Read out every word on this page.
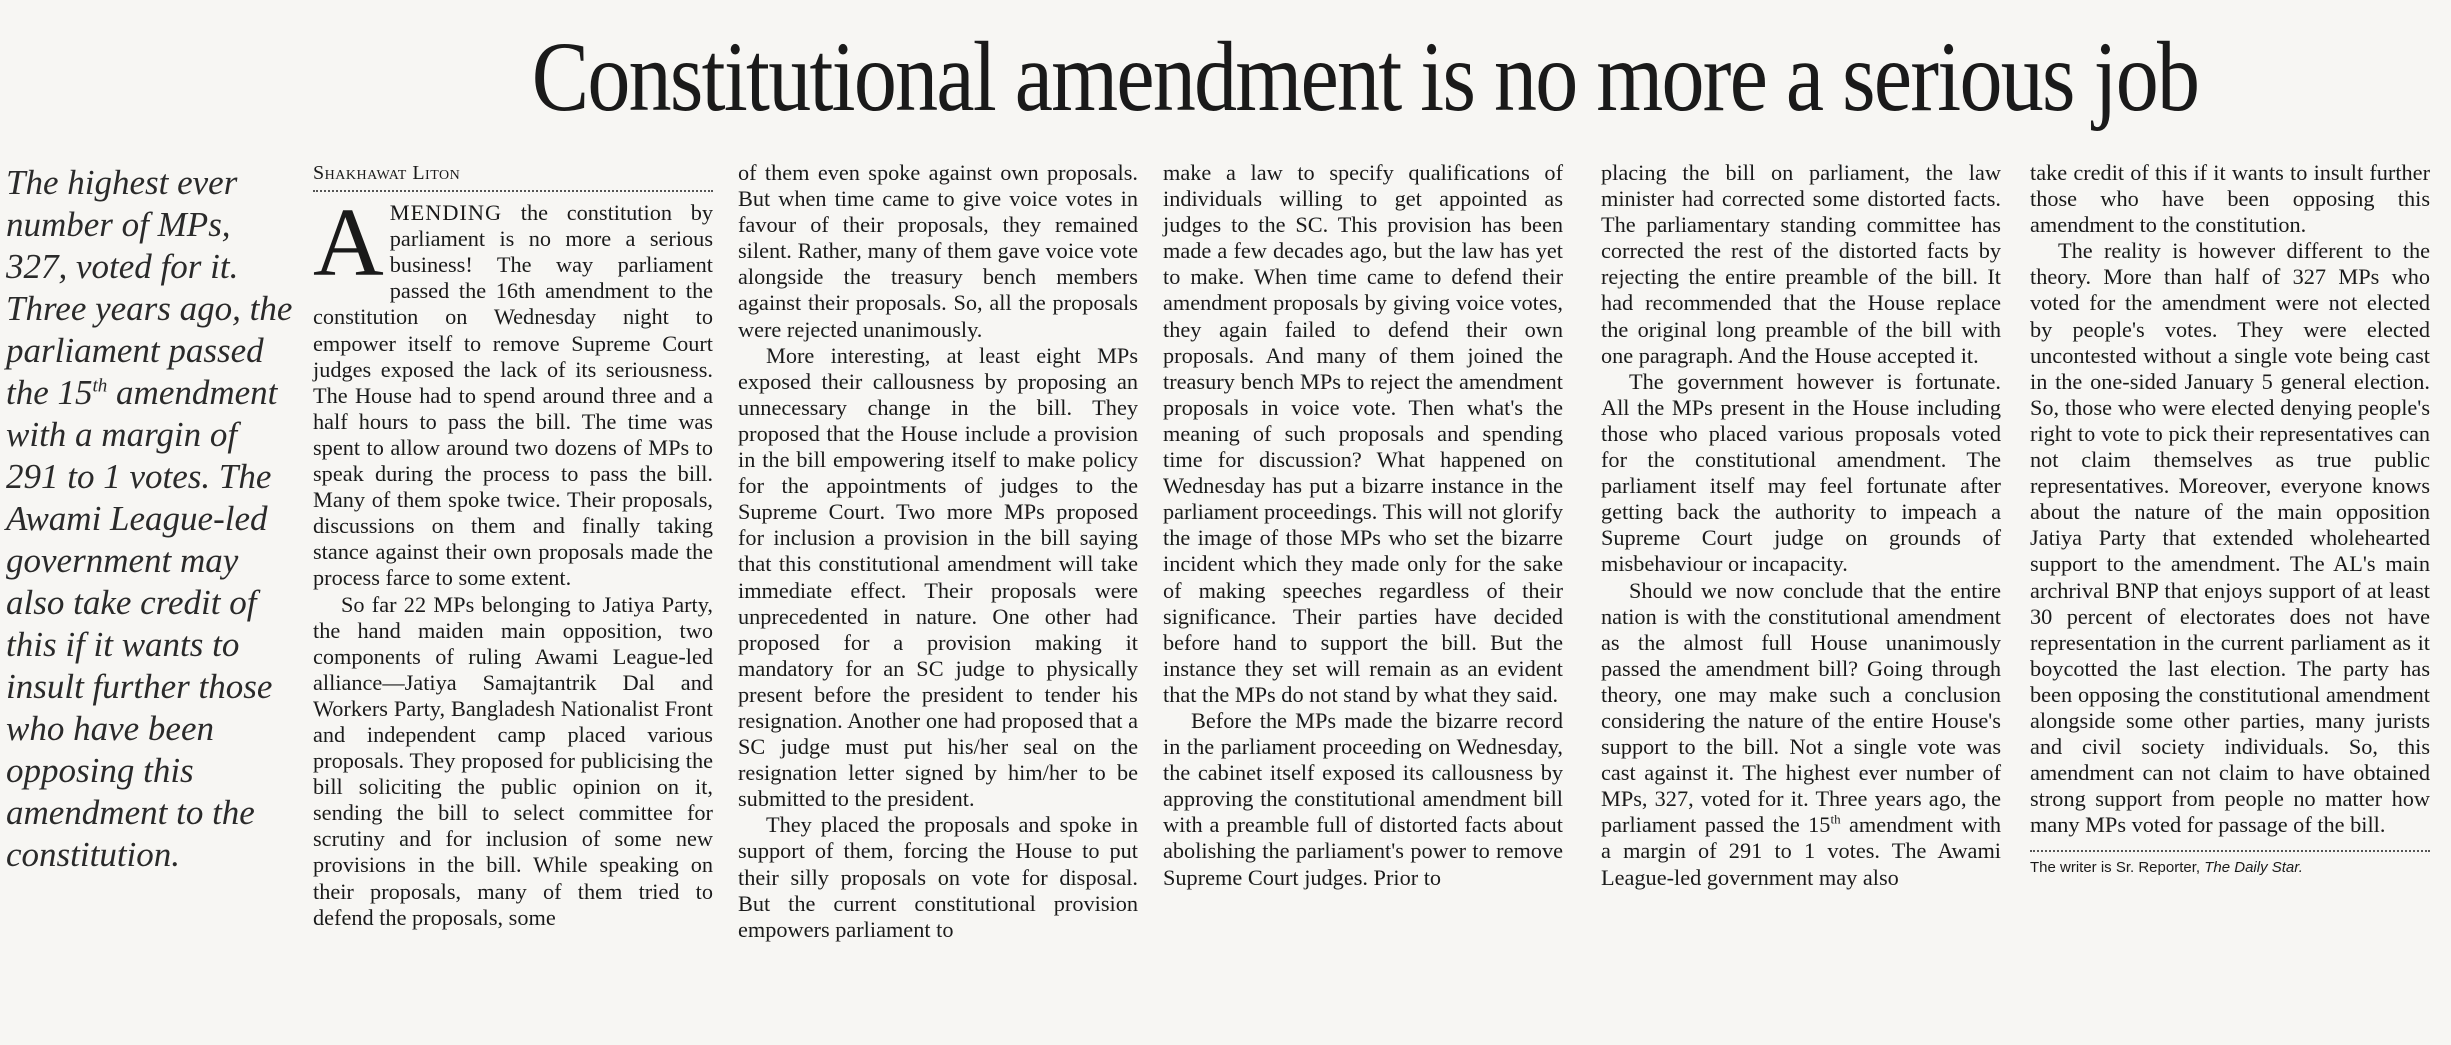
Constitutional amendment is no more a serious job
The highest ever number of MPs, 327, voted for it. Three years ago, the parliament passed the 15th amendment with a margin of 291 to 1 votes. The Awami League-led government may also take credit of this if it wants to insult further those who have been opposing this amendment to the constitution.
Shakhawat Liton

AMENDING the constitution by parliament is no more a serious business! The way parliament passed the 16th amendment to the constitution on Wednesday night to empower itself to remove Supreme Court judges exposed the lack of its seriousness. The House had to spend around three and a half hours to pass the bill. The time was spent to allow around two dozens of MPs to speak during the process to pass the bill. Many of them spoke twice. Their proposals, discussions on them and finally taking stance against their own proposals made the process farce to some extent.

So far 22 MPs belonging to Jatiya Party, the hand maiden main opposition, two components of ruling Awami League-led alliance—Jatiya Samajtantrik Dal and Workers Party, Bangladesh Nationalist Front and independent camp placed various proposals. They proposed for publicising the bill soliciting the public opinion on it, sending the bill to select committee for scrutiny and for inclusion of some new provisions in the bill. While speaking on their proposals, many of them tried to defend the proposals, some

of them even spoke against own proposals. But when time came to give voice votes in favour of their proposals, they remained silent. Rather, many of them gave voice vote alongside the treasury bench members against their proposals. So, all the proposals were rejected unanimously.

More interesting, at least eight MPs exposed their callousness by proposing an unnecessary change in the bill. They proposed that the House include a provision in the bill empowering itself to make policy for the appointments of judges to the Supreme Court. Two more MPs proposed for inclusion a provision in the bill saying that this constitutional amendment will take immediate effect. Their proposals were unprecedented in nature. One other had proposed for a provision making it mandatory for an SC judge to physically present before the president to tender his resignation. Another one had proposed that a SC judge must put his/her seal on the resignation letter signed by him/her to be submitted to the president.

They placed the proposals and spoke in support of them, forcing the House to put their silly proposals on vote for disposal. But the current constitutional provision empowers parliament to

make a law to specify qualifications of individuals willing to get appointed as judges to the SC. This provision has been made a few decades ago, but the law has yet to make. When time came to defend their amendment proposals by giving voice votes, they again failed to defend their own proposals. And many of them joined the treasury bench MPs to reject the amendment proposals in voice vote. Then what's the meaning of such proposals and spending time for discussion? What happened on Wednesday has put a bizarre instance in the parliament proceedings. This will not glorify the image of those MPs who set the bizarre incident which they made only for the sake of making speeches regardless of their significance. Their parties have decided before hand to support the bill. But the instance they set will remain as an evident that the MPs do not stand by what they said.

Before the MPs made the bizarre record in the parliament proceeding on Wednesday, the cabinet itself exposed its callousness by approving the constitutional amendment bill with a preamble full of distorted facts about abolishing the parliament's power to remove Supreme Court judges. Prior to

placing the bill on parliament, the law minister had corrected some distorted facts. The parliamentary standing committee has corrected the rest of the distorted facts by rejecting the entire preamble of the bill. It had recommended that the House replace the original long preamble of the bill with one paragraph. And the House accepted it.

The government however is fortunate. All the MPs present in the House including those who placed various proposals voted for the constitutional amendment. The parliament itself may feel fortunate after getting back the authority to impeach a Supreme Court judge on grounds of misbehaviour or incapacity.

Should we now conclude that the entire nation is with the constitutional amendment as the almost full House unanimously passed the amendment bill? Going through theory, one may make such a conclusion considering the nature of the entire House's support to the bill. Not a single vote was cast against it. The highest ever number of MPs, 327, voted for it. Three years ago, the parliament passed the 15th amendment with a margin of 291 to 1 votes. The Awami League-led government may also

take credit of this if it wants to insult further those who have been opposing this amendment to the constitution.

The reality is however different to the theory. More than half of 327 MPs who voted for the amendment were not elected by people's votes. They were elected uncontested without a single vote being cast in the one-sided January 5 general election. So, those who were elected denying people's right to vote to pick their representatives can not claim themselves as true public representatives. Moreover, everyone knows about the nature of the main opposition Jatiya Party that extended wholehearted support to the amendment. The AL's main archrival BNP that enjoys support of at least 30 percent of electorates does not have representation in the current parliament as it boycotted the last election. The party has been opposing the constitutional amendment alongside some other parties, many jurists and civil society individuals. So, this amendment can not claim to have obtained strong support from people no matter how many MPs voted for passage of the bill.

The writer is Sr. Reporter, The Daily Star.
